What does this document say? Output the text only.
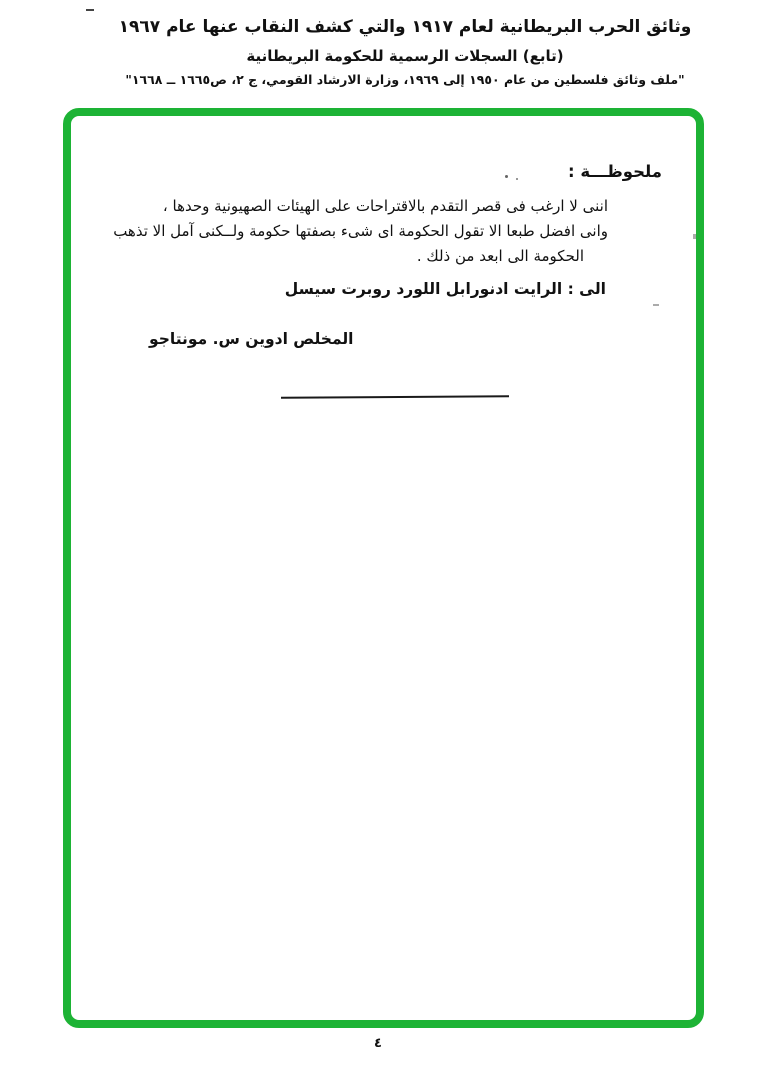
وثائق الحرب البريطانية لعام ١٩١٧ والتي كشف النقاب عنها عام ١٩٦٧
(تابع) السجلات الرسمية للحكومة البريطانية
"ملف وثائق فلسطين من عام ١٩٥٠ إلى ١٩٦٩، وزارة الارشاد القومي، ج ٢، ص١٦٦٥ ــ ١٦٦٨"
ملحوظـــة :
اننى لا ارغب فى قصر التقدم بالاقتراحات على الهيئات الصهيونية وحدها ،
وانى افضل طبعا الا تقول الحكومة اى شىء بصفتها حكومة ولــكنى آمل الا تذهب
الحكومة الى ابعد من ذلك .
الى : الرايت ادنورابل اللورد روبرت سيسل
المخلص ادوين س. مونتاجو
٤
